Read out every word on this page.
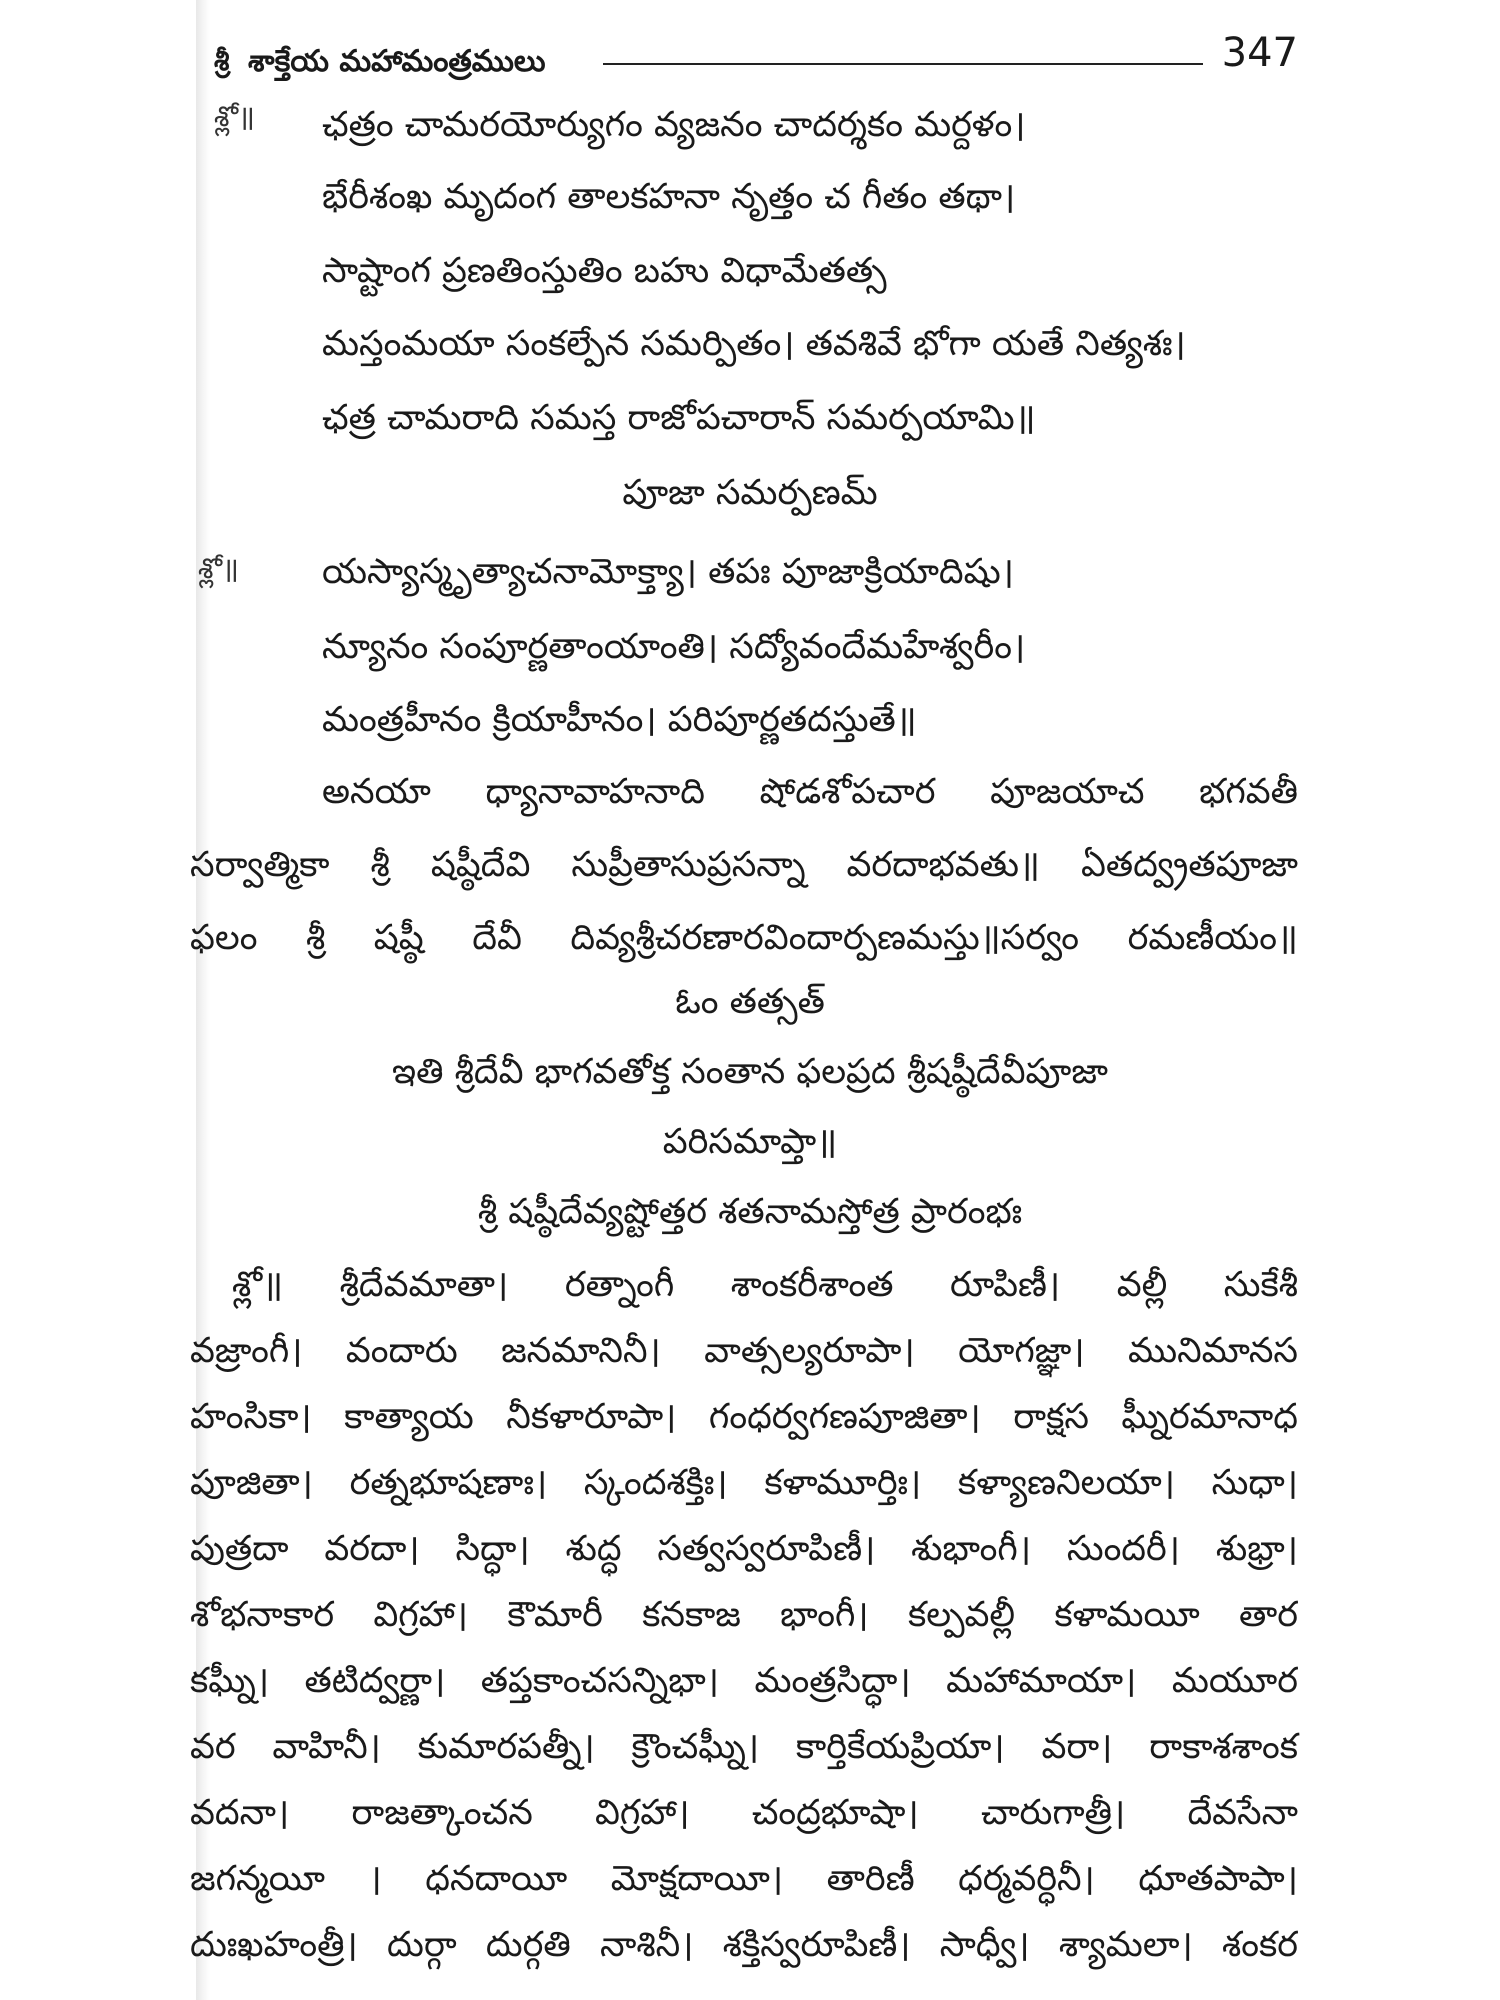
శ్రీ శాక్తేయ మహామంత్రములు	347
శ్లో॥ ఛత్రం చామరయోర్యుగం వ్యజనం చాదర్శకం మర్దళం।
భేరీశంఖ మృదంగ తాలకహనా నృత్తం చ గీతం తథా।
సాష్టాంగ ప్రణతింస్తుతిం బహు విధామేతత్స
మస్తంమయా సంకల్పేన సమర్పితం। తవశివే భోగా యతే నిత్యశః।
ఛత్ర చామరాది సమస్త రాజోపచారాన్ సమర్పయామి॥
పూజా సమర్పణమ్
శ్లో॥ యస్యాస్మృత్యాచనామోక్త్యా। తపః పూజాక్రియాదిషు।
న్యూనం సంపూర్ణతాంయాంతి। సద్యోవందేమహేశ్వరీం।
మంత్రహీనం క్రియాహీనం। పరిపూర్ణతదస్తుతే॥
అనయా ధ్యానావాహనాది షోడశోపచార పూజయాచ భగవతీ
సర్వాత్మికా శ్రీ షష్ఠీదేవి సుప్రీతాసుప్రసన్నా వరదాభవతు॥ ఏతద్వ్రతపూజా
ఫలం శ్రీ షష్ఠీ దేవీ దివ్యశ్రీచరణారవిందార్పణమస్తు॥సర్వం రమణీయం॥
ఓం తత్సత్
ఇతి శ్రీదేవీ భాగవతోక్త సంతాన ఫలప్రద శ్రీషష్ఠీదేవీపూజా
పరిసమాప్తా॥
శ్రీ షష్ఠీదేవ్యష్టోత్తర శతనామస్తోత్ర ప్రారంభః
శ్లో॥ శ్రీదేవమాతా। రత్నాంగీ శాంకరీశాంత రూపిణీ। వల్లీ సుకేశీ
వజ్రాంగీ। వందారు జనమానినీ। వాత్సల్యరూపా। యోగజ్ఞా। మునిమానస
హంసికా। కాత్యాయ నీకళారూపా। గంధర్వగణపూజితా। రాక్షస ఘ్నీరమానాధ
పూజితా। రత్నభూషణాః। స్కందశక్తిః। కళామూర్తిః। కళ్యాణనిలయా। సుధా।
పుత్రదా వరదా। సిద్ధా। శుద్ధ సత్వస్వరూపిణీ। శుభాంగీ। సుందరీ। శుభ్రా।
శోభనాకార విగ్రహా। కౌమారీ కనకాజ భాంగీ। కల్పవల్లీ కళామయీ తార
కఘ్నీ। తటిద్వర్ణా। తప్తకాంచసన్నిభా। మంత్రసిద్ధా। మహామాయా। మయూర
వర వాహినీ। కుమారపత్నీ। క్రౌంచఘ్నీ। కార్తికేయప్రియా। వరా। రాకాశశాంక
వదనా। రాజత్కాంచన విగ్రహా। చంద్రభూషా। చారుగాత్రీ। దేవసేనా
జగన్మయీ । ధనదాయీ మోక్షదాయీ। తారిణీ ధర్మవర్ధినీ। ధూతపాపా।
దుఃఖహంత్రీ। దుర్గా దుర్గతి నాశినీ। శక్తిస్వరూపిణీ। సాధ్వీ। శ్యామలా। శంకర
